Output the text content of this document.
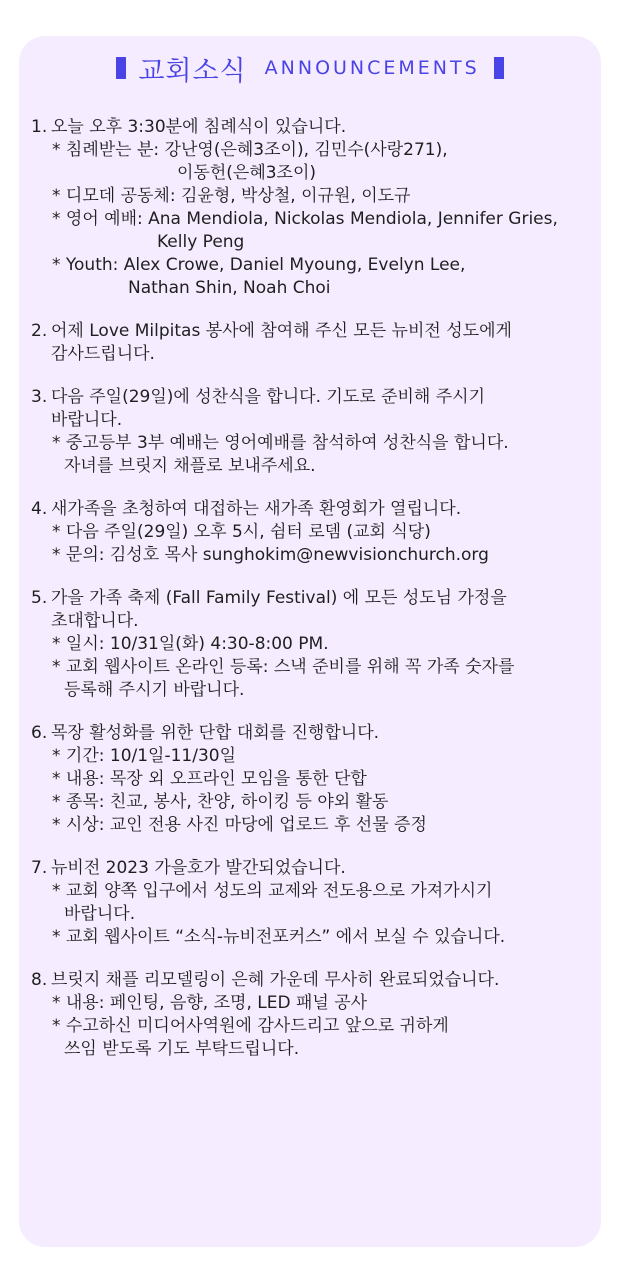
교회소식 ANNOUNCEMENTS
1. 오늘 오후 3:30분에 침례식이 있습니다.
* 침례받는 분: 강난영(은혜3조이), 김민수(사랑271),
이동헌(은혜3조이)
* 디모데 공동체: 김윤형, 박상철, 이규원, 이도규
* 영어 예배: Ana Mendiola, Nickolas Mendiola, Jennifer Gries,
Kelly Peng
* Youth: Alex Crowe, Daniel Myoung, Evelyn Lee,
Nathan Shin, Noah Choi
2. 어제 Love Milpitas 봉사에 참여해 주신 모든 뉴비전 성도에게
감사드립니다.
3. 다음 주일(29일)에 성찬식을 합니다. 기도로 준비해 주시기
바랍니다.
* 중고등부 3부 예배는 영어예배를 참석하여 성찬식을 합니다.
자녀를 브릿지 채플로 보내주세요.
4. 새가족을 초청하여 대접하는 새가족 환영회가 열립니다.
* 다음 주일(29일) 오후 5시, 쉼터 로뎀 (교회 식당)
* 문의: 김성호 목사 sunghokim@newvisionchurch.org
5. 가을 가족 축제 (Fall Family Festival) 에 모든 성도님 가정을
초대합니다.
* 일시: 10/31일(화) 4:30-8:00 PM.
* 교회 웹사이트 온라인 등록: 스낵 준비를 위해 꼭 가족 숫자를
등록해 주시기 바랍니다.
6. 목장 활성화를 위한 단합 대회를 진행합니다.
* 기간: 10/1일-11/30일
* 내용: 목장 외 오프라인 모임을 통한 단합
* 종목: 친교, 봉사, 찬양, 하이킹 등 야외 활동
* 시상: 교인 전용 사진 마당에 업로드 후 선물 증정
7. 뉴비전 2023 가을호가 발간되었습니다.
* 교회 양쪽 입구에서 성도의 교제와 전도용으로 가져가시기
바랍니다.
* 교회 웹사이트 “소식-뉴비전포커스” 에서 보실 수 있습니다.
8. 브릿지 채플 리모델링이 은혜 가운데 무사히 완료되었습니다.
* 내용: 페인팅, 음향, 조명, LED 패널 공사
* 수고하신 미디어사역원에 감사드리고 앞으로 귀하게
쓰임 받도록 기도 부탁드립니다.
